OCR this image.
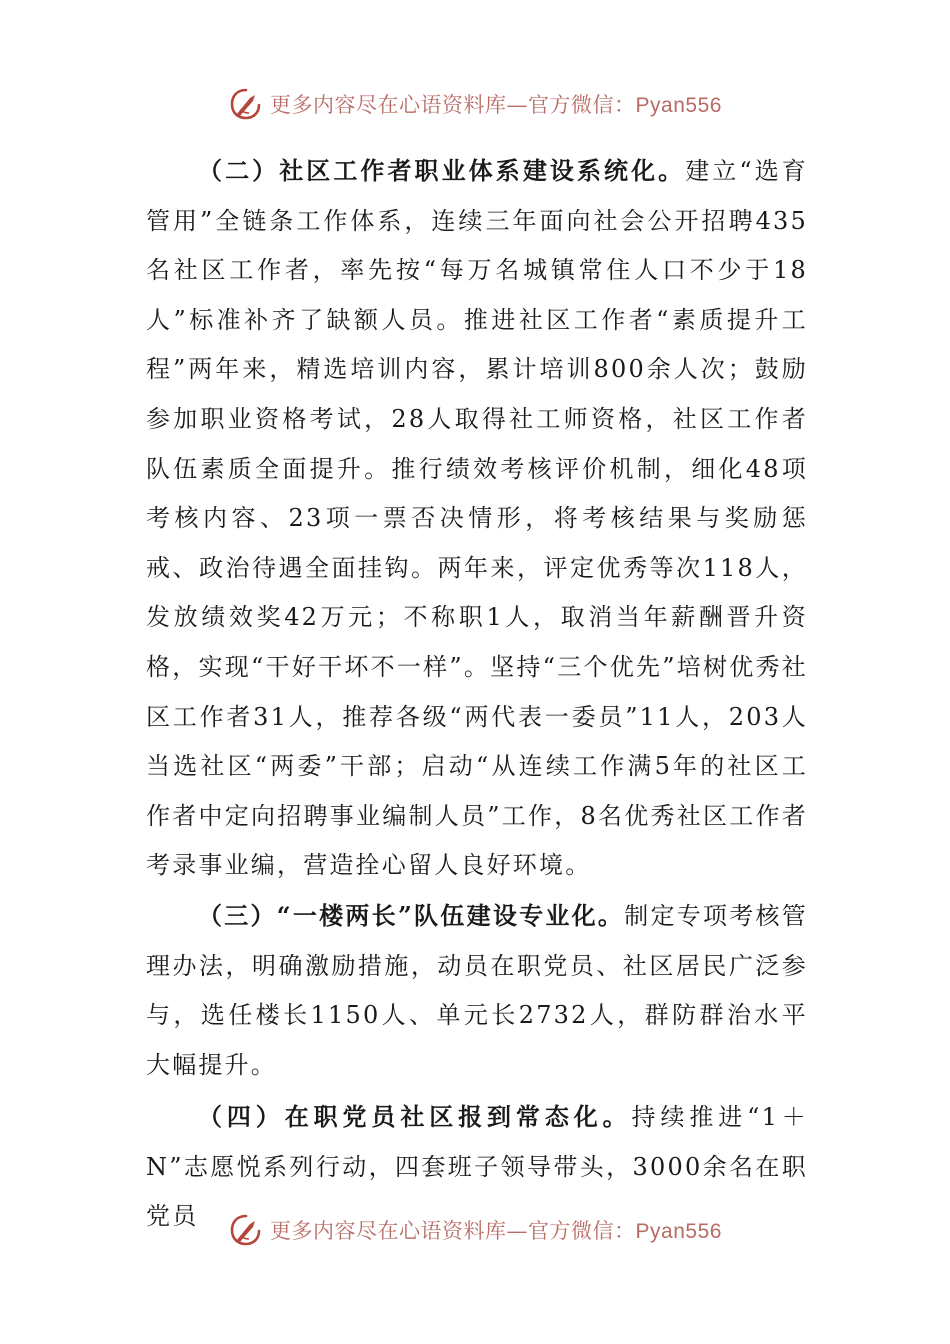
更多内容尽在心语资料库—官方微信：Pyan556

（二）社区工作者职业体系建设系统化。建立“选育管用”全链条工作体系，连续三年面向社会公开招聘435名社区工作者，率先按“每万名城镇常住人口不少于18人”标准补齐了缺额人员。推进社区工作者“素质提升工程”两年来，精选培训内容，累计培训800余人次；鼓励参加职业资格考试，28人取得社工师资格，社区工作者队伍素质全面提升。推行绩效考核评价机制，细化48项考核内容、23项一票否决情形，将考核结果与奖励惩戒、政治待遇全面挂钩。两年来，评定优秀等次118人，发放绩效奖42万元；不称职1人，取消当年薪酬晋升资格，实现“干好干坏不一样”。坚持“三个优先”培树优秀社区工作者31人，推荐各级“两代表一委员”11人，203人当选社区“两委”干部；启动“从连续工作满5年的社区工作者中定向招聘事业编制人员”工作，8名优秀社区工作者考录事业编，营造拴心留人良好环境。

（三）“一楼两长”队伍建设专业化。制定专项考核管理办法，明确激励措施，动员在职党员、社区居民广泛参与，选任楼长1150人、单元长2732人，群防群治水平大幅提升。

（四）在职党员社区报到常态化。持续推进“1＋N”志愿悦系列行动，四套班子领导带头，3000余名在职党员

更多内容尽在心语资料库—官方微信：Pyan556
